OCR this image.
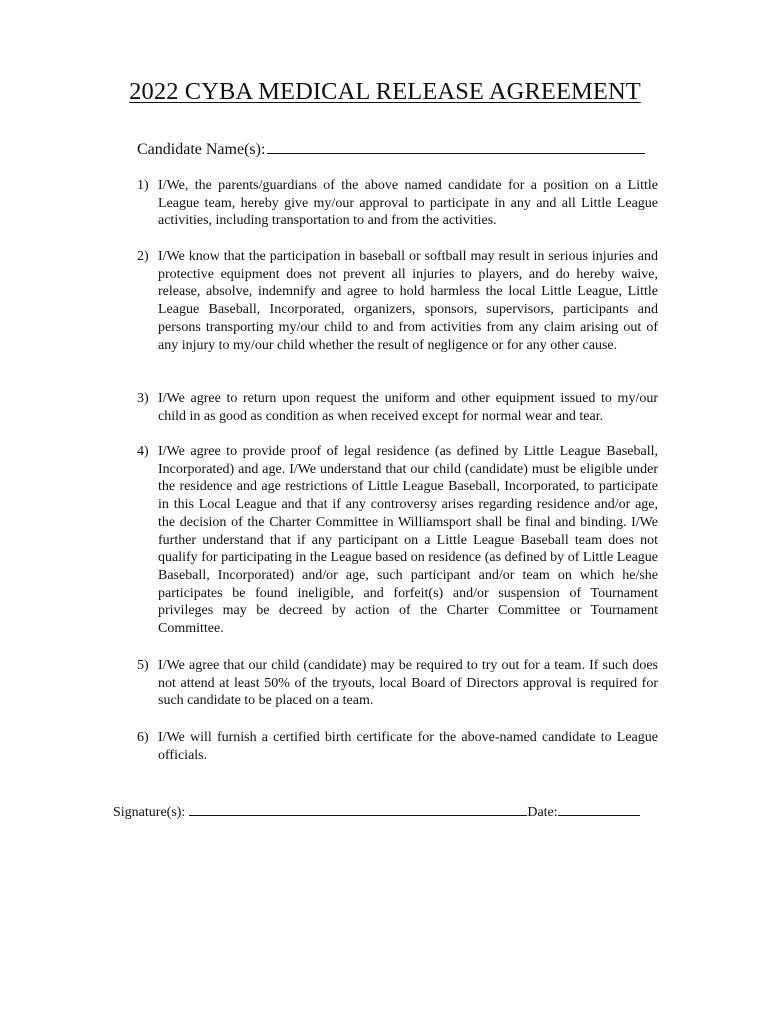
2022 CYBA MEDICAL RELEASE AGREEMENT
Candidate Name(s):
1) I/We, the parents/guardians of the above named candidate for a position on a Little League team, hereby give my/our approval to participate in any and all Little League activities, including transportation to and from the activities.
2) I/We know that the participation in baseball or softball may result in serious injuries and protective equipment does not prevent all injuries to players, and do hereby waive, release, absolve, indemnify and agree to hold harmless the local Little League, Little League Baseball, Incorporated, organizers, sponsors, supervisors, participants and persons transporting my/our child to and from activities from any claim arising out of any injury to my/our child whether the result of negligence or for any other cause.
3) I/We agree to return upon request the uniform and other equipment issued to my/our child in as good as condition as when received except for normal wear and tear.
4) I/We agree to provide proof of legal residence (as defined by Little League Baseball, Incorporated) and age. I/We understand that our child (candidate) must be eligible under the residence and age restrictions of Little League Baseball, Incorporated, to participate in this Local League and that if any controversy arises regarding residence and/or age, the decision of the Charter Committee in Williamsport shall be final and binding. I/We further understand that if any participant on a Little League Baseball team does not qualify for participating in the League based on residence (as defined by of Little League Baseball, Incorporated) and/or age, such participant and/or team on which he/she participates be found ineligible, and forfeit(s) and/or suspension of Tournament privileges may be decreed by action of the Charter Committee or Tournament Committee.
5) I/We agree that our child (candidate) may be required to try out for a team. If such does not attend at least 50% of the tryouts, local Board of Directors approval is required for such candidate to be placed on a team.
6) I/We will furnish a certified birth certificate for the above-named candidate to League officials.
Signature(s):	Date:
